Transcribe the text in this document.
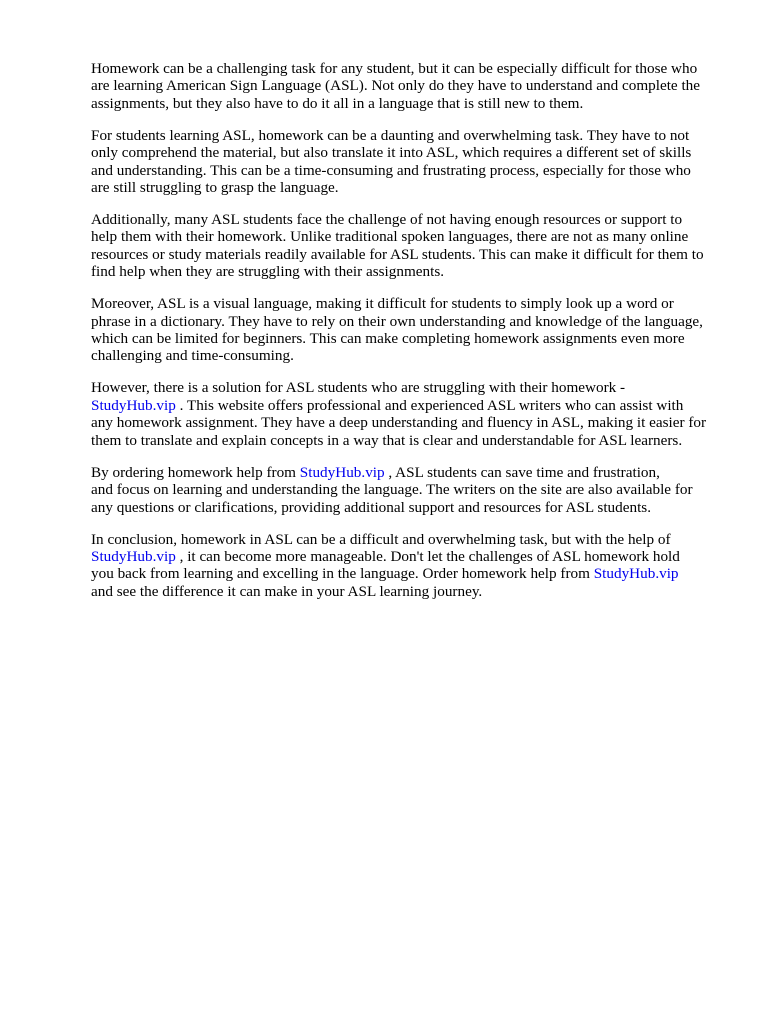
Homework can be a challenging task for any student, but it can be especially difficult for those who
are learning American Sign Language (ASL). Not only do they have to understand and complete the
assignments, but they also have to do it all in a language that is still new to them.

For students learning ASL, homework can be a daunting and overwhelming task. They have to not
only comprehend the material, but also translate it into ASL, which requires a different set of skills
and understanding. This can be a time-consuming and frustrating process, especially for those who
are still struggling to grasp the language.

Additionally, many ASL students face the challenge of not having enough resources or support to
help them with their homework. Unlike traditional spoken languages, there are not as many online
resources or study materials readily available for ASL students. This can make it difficult for them to
find help when they are struggling with their assignments.

Moreover, ASL is a visual language, making it difficult for students to simply look up a word or
phrase in a dictionary. They have to rely on their own understanding and knowledge of the language,
which can be limited for beginners. This can make completing homework assignments even more
challenging and time-consuming.

However, there is a solution for ASL students who are struggling with their homework -
StudyHub.vip . This website offers professional and experienced ASL writers who can assist with
any homework assignment. They have a deep understanding and fluency in ASL, making it easier for
them to translate and explain concepts in a way that is clear and understandable for ASL learners.

By ordering homework help from StudyHub.vip , ASL students can save time and frustration,
and focus on learning and understanding the language. The writers on the site are also available for
any questions or clarifications, providing additional support and resources for ASL students.

In conclusion, homework in ASL can be a difficult and overwhelming task, but with the help of
StudyHub.vip , it can become more manageable. Don't let the challenges of ASL homework hold
you back from learning and excelling in the language. Order homework help from StudyHub.vip
and see the difference it can make in your ASL learning journey.
